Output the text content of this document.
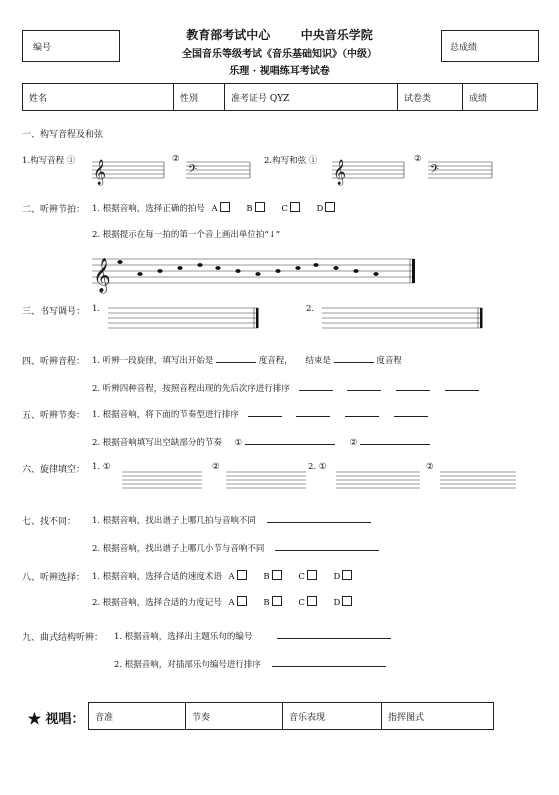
编号	总成绩
教育部考试中心	中央音乐学院
全国音乐等级考试《音乐基础知识》（中级）
乐理 · 视唱练耳考试卷
姓名	性别	准考证号 QYZ	试卷类	成绩
一、构写音程及和弦
1.构写音程 ①	②	2.构写和弦 ①	②
𝄞	𝄢	𝄞	𝄢
二、听辨节拍： 1. 根据音响，选择正确的拍号 A	B	C	D
2. 根据提示在每一拍的第一个音上画出单位拍“↓”
𝄞
三、书写调号： 1.	2.
四、听辨音程： 1. 听辨一段旋律，填写出开始是	度音程， 结束是	度音程
2. 听辨四种音程，按照音程出现的先后次序进行排序
五、听辨节奏： 1. 根据音响，将下面的节奏型进行排序
2. 根据音响填写出空缺部分的节奏 ①	②
六、旋律填空： 1. ①	②	2. ①	②
七、找不同： 1. 根据音响，找出谱子上哪几拍与音响不同
2. 根据音响，找出谱子上哪几小节与音响不同
八、听辨选择： 1. 根据音响，选择合适的速度术语 A	B	C	D
2. 根据音响，选择合适的力度记号 A	B	C	D
九、曲式结构听辨： 1. 根据音响，选择出主题乐句的编号
2. 根据音响，对插部乐句编号进行排序
★ 视唱： 音准	节奏	音乐表现	指挥图式
